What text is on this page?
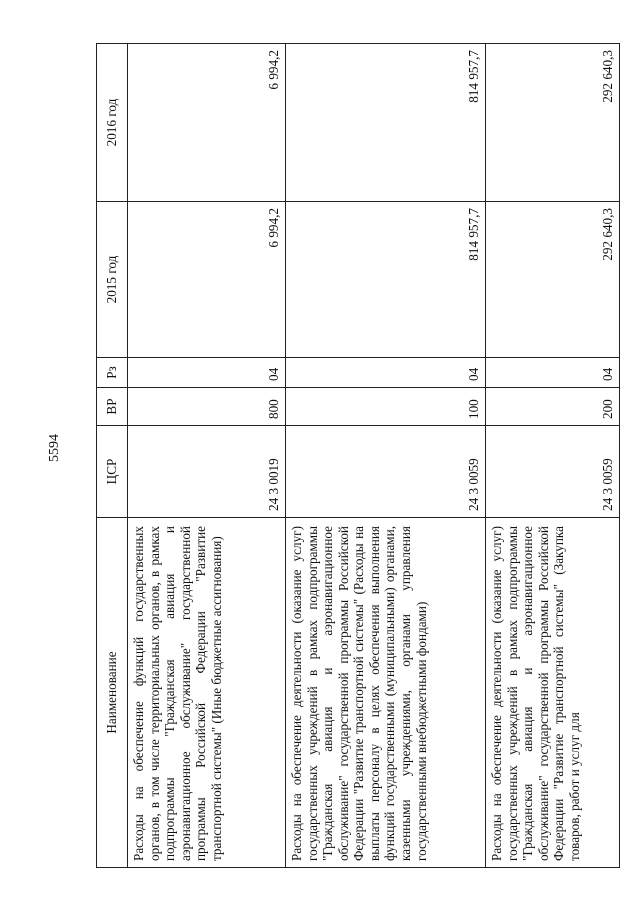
5594
Наименование	ЦСР	ВР	Рз	2015 год	2016 год
Расходы на обеспечение функций государственных органов, в том числе территориальных органов, в рамках подпрограммы "Гражданская авиация и аэронавигационное обслуживание" государственной программы Российской Федерации "Развитие транспортной системы" (Иные бюджетные ассигнования)	24 3 0019	800	04	6 994,2	6 994,2
Расходы на обеспечение деятельности (оказание услуг) государственных учреждений в рамках подпрограммы "Гражданская авиация и аэронавигационное обслуживание" государственной программы Российской Федерации "Развитие транспортной системы" (Расходы на выплаты персоналу в целях обеспечения выполнения функций государственными (муниципальными) органами, казенными учреждениями, органами управления государственными внебюджетными фондами)	24 3 0059	100	04	814 957,7	814 957,7
Расходы на обеспечение деятельности (оказание услуг) государственных учреждений в рамках подпрограммы "Гражданская авиация и аэронавигационное обслуживание" государственной программы Российской Федерации "Развитие транспортной системы" (Закупка товаров, работ и услуг для	24 3 0059	200	04	292 640,3	292 640,3
